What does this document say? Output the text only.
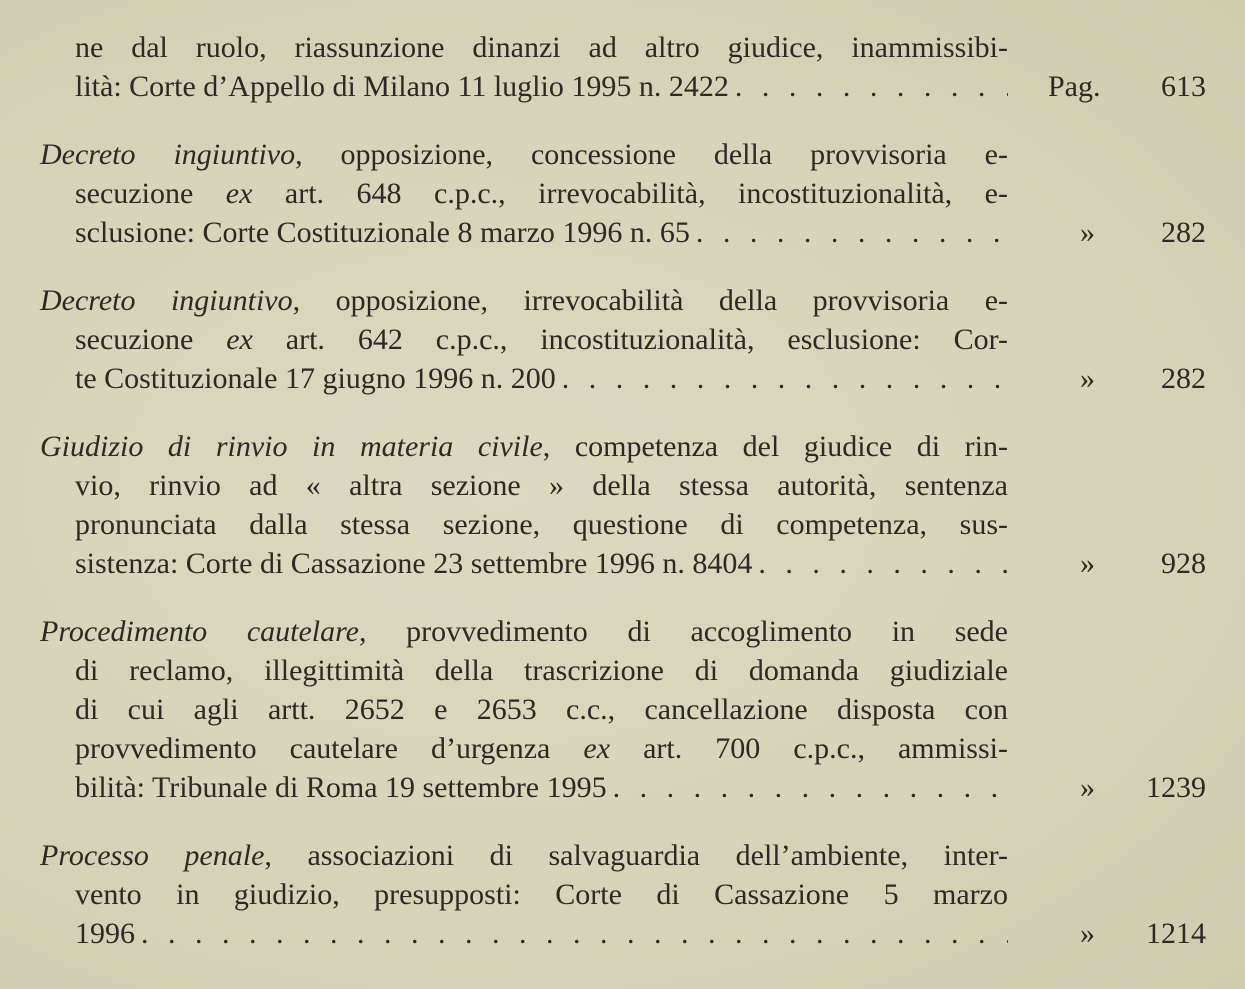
ne dal ruolo, riassunzione dinanzi ad altro giudice, inammissibi-
lità: Corte d’Appello di Milano 11 luglio 1995 n. 2422 . . .	Pag. 613
Decreto ingiuntivo, opposizione, concessione della provvisoria e-
secuzione ex art. 648 c.p.c., irrevocabilità, incostituzionalità, e-
sclusione: Corte Costituzionale 8 marzo 1996 n. 65 . . .	» 282
Decreto ingiuntivo, opposizione, irrevocabilità della provvisoria e-
secuzione ex art. 642 c.p.c., incostituzionalità, esclusione: Cor-
te Costituzionale 17 giugno 1996 n. 200 . . .	» 282
Giudizio di rinvio in materia civile, competenza del giudice di rin-
vio, rinvio ad « altra sezione » della stessa autorità, sentenza
pronunciata dalla stessa sezione, questione di competenza, sus-
sistenza: Corte di Cassazione 23 settembre 1996 n. 8404 . . .	» 928
Procedimento cautelare, provvedimento di accoglimento in sede
di reclamo, illegittimità della trascrizione di domanda giudiziale
di cui agli artt. 2652 e 2653 c.c., cancellazione disposta con
provvedimento cautelare d’urgenza ex art. 700 c.p.c., ammissi-
bilità: Tribunale di Roma 19 settembre 1995 . . .	» 1239
Processo penale, associazioni di salvaguardia dell’ambiente, inter-
vento in giudizio, presupposti: Corte di Cassazione 5 marzo
1996 . . .	» 1214
